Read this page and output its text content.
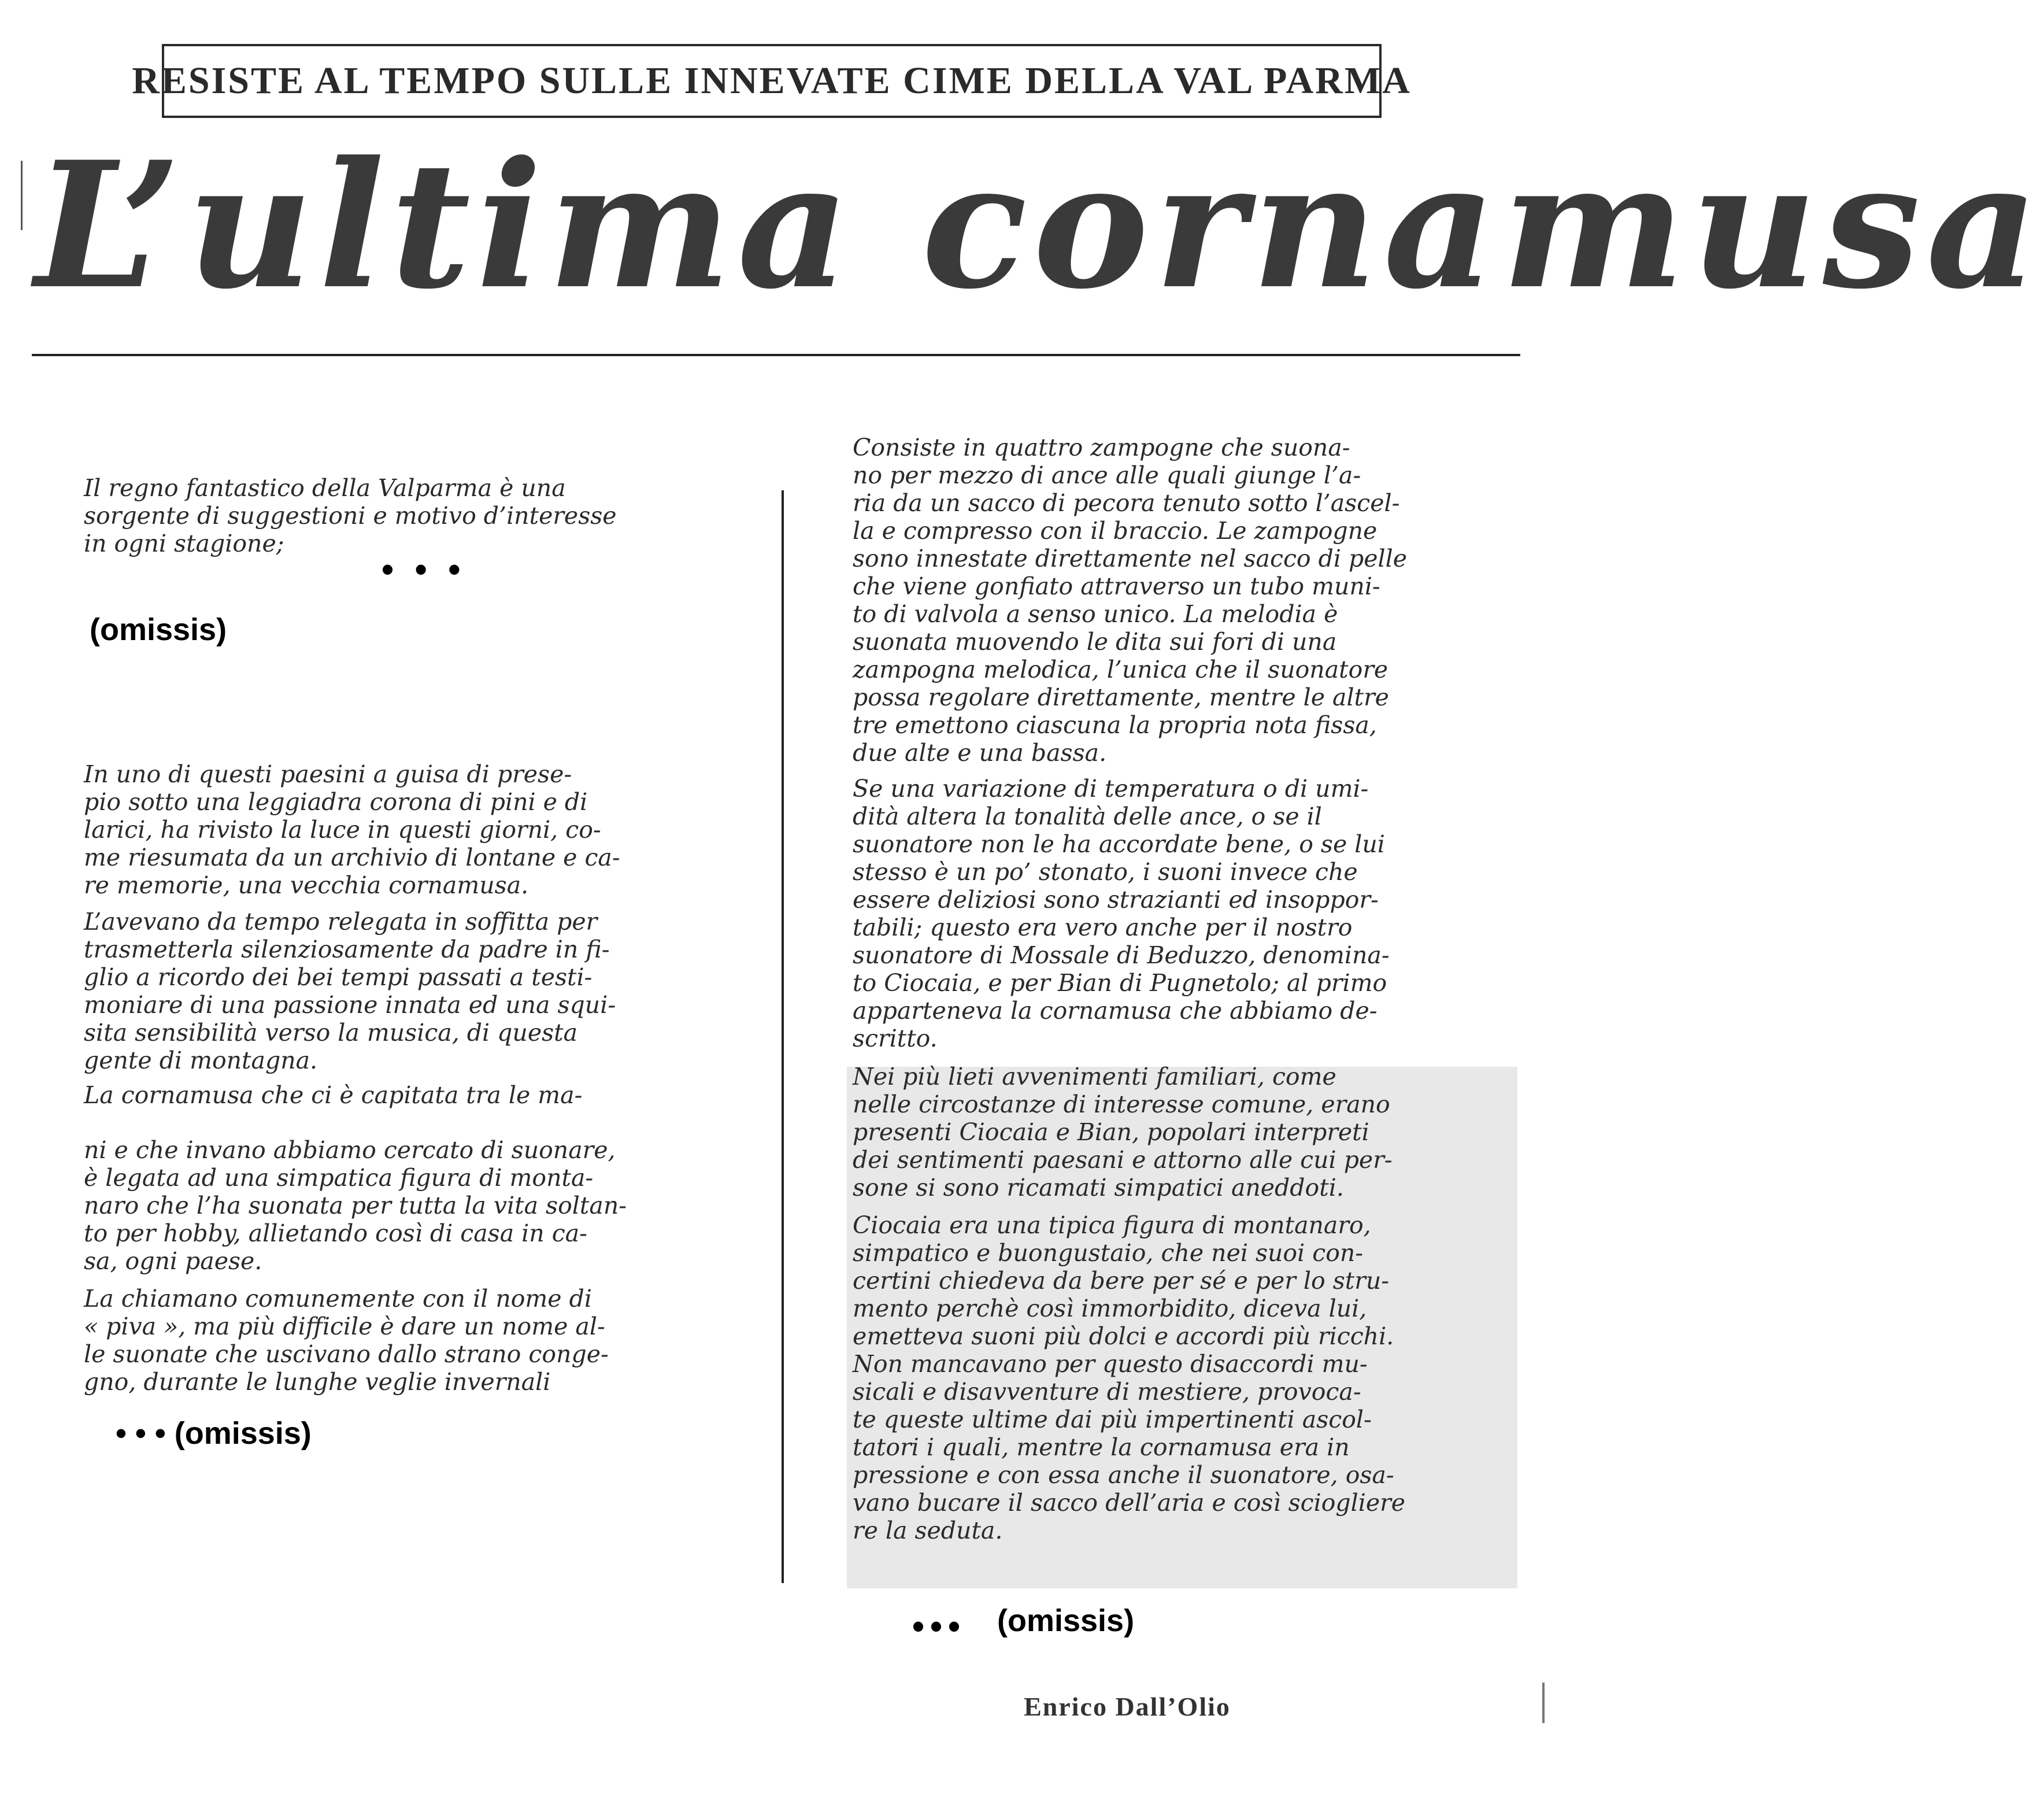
RESISTE AL TEMPO SULLE INNEVATE CIME DELLA VAL PARMA
L’ultima cornamusa
Il regno fantastico della Valparma è una
sorgente di suggestioni e motivo d’interesse
in ogni stagione;
• • •
(omissis)
In uno di questi paesini a guisa di prese-
pio sotto una leggiadra corona di pini e di
larici, ha rivisto la luce in questi giorni, co-
me riesumata da un archivio di lontane e ca-
re memorie, una vecchia cornamusa.
L’avevano da tempo relegata in soffitta per
trasmetterla silenziosamente da padre in fi-
glio a ricordo dei bei tempi passati a testi-
moniare di una passione innata ed una squi-
sita sensibilità verso la musica, di questa
gente di montagna.
La cornamusa che ci è capitata tra le ma-
ni e che invano abbiamo cercato di suonare,
è legata ad una simpatica figura di monta-
naro che l’ha suonata per tutta la vita soltan-
to per hobby, allietando così di casa in ca-
sa, ogni paese.
La chiamano comunemente con il nome di
« piva », ma più difficile è dare un nome al-
le suonate che uscivano dallo strano conge-
gno, durante le lunghe veglie invernali
• • • (omissis)
Consiste in quattro zampogne che suona-
no per mezzo di ance alle quali giunge l’a-
ria da un sacco di pecora tenuto sotto l’ascel-
la e compresso con il braccio. Le zampogne
sono innestate direttamente nel sacco di pelle
che viene gonfiato attraverso un tubo muni-
to di valvola a senso unico. La melodia è
suonata muovendo le dita sui fori di una
zampogna melodica, l’unica che il suonatore
possa regolare direttamente, mentre le altre
tre emettono ciascuna la propria nota fissa,
due alte e una bassa.
Se una variazione di temperatura o di umi-
dità altera la tonalità delle ance, o se il
suonatore non le ha accordate bene, o se lui
stesso è un po’ stonato, i suoni invece che
essere deliziosi sono strazianti ed insoppor-
tabili; questo era vero anche per il nostro
suonatore di Mossale di Beduzzo, denomina-
to Ciocaia, e per Bian di Pugnetolo; al primo
apparteneva la cornamusa che abbiamo de-
scritto.
Nei più lieti avvenimenti familiari, come
nelle circostanze di interesse comune, erano
presenti Ciocaia e Bian, popolari interpreti
dei sentimenti paesani e attorno alle cui per-
sone si sono ricamati simpatici aneddoti.
Ciocaia era una tipica figura di montanaro,
simpatico e buongustaio, che nei suoi con-
certini chiedeva da bere per sé e per lo stru-
mento perchè così immorbidito, diceva lui,
emetteva suoni più dolci e accordi più ricchi.
Non mancavano per questo disaccordi mu-
sicali e disavventure di mestiere, provoca-
te queste ultime dai più impertinenti ascol-
tatori i quali, mentre la cornamusa era in
pressione e con essa anche il suonatore, osa-
vano bucare il sacco dell’aria e così sciogliere
re la seduta.
••• (omissis)
Enrico Dall’Olio
